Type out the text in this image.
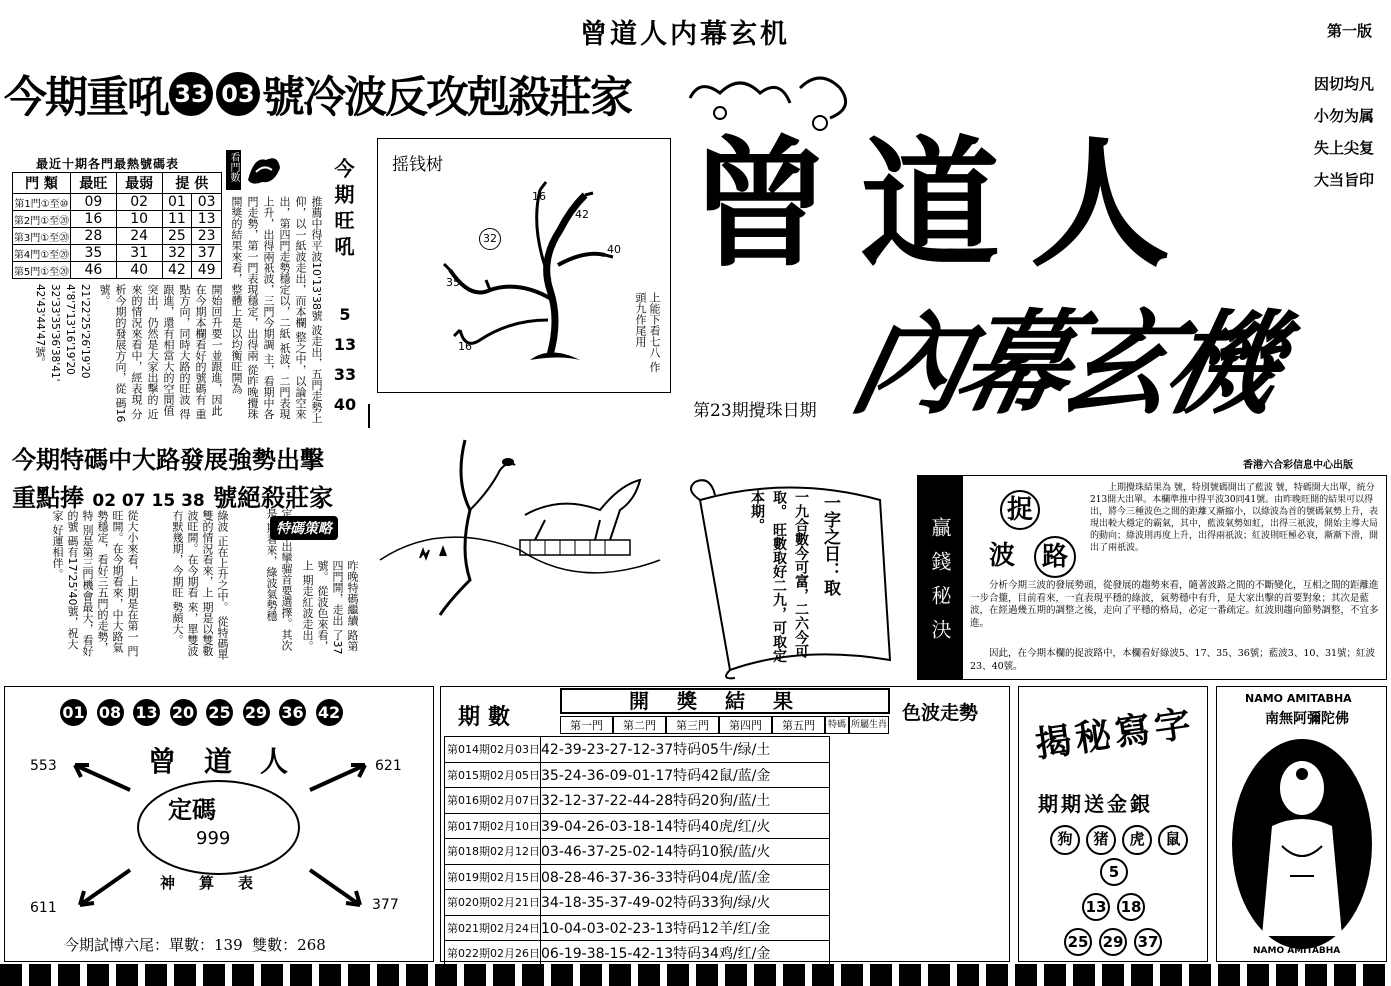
曾道人内幕玄机	第一版
今期重吼 33 03 號冷波反攻剋殺莊家	因切均凡
小勿为属
失上尖复
大当旨印
最近十期各門最熱號碼表	看門數
門 類	最旺	最弱	提 供	
第1門①至⑩	09	02	01	03
第2門①至⑳	16	10	11	13
第3門①至⑳	28	24	25	23
第4門①至⑳	35	31	32	37
第5門①至⑳	46	40	42	49
21'22'25'26'19'20 4'8'7'13'16'19'20 32'33'35'36'38'41' 42'43'44'47號。	開始回升要一並跟進，因此在今期本欄看好的號碼有 重點方向，同時大路的旺波 得跟進，還有相當大的空間值 突出，仍然是大家出擊的 近來的情況來看中，經表現 分析今期的發展方向，從 碼16號。	推薦中得平波10'13'38號 波走出，五門走勢上仰，以一紙波走出，而本欄 整之中，以論空來出，第四門走勢穩定以，二紙 祇波，二門表現上升，出得兩祇波，三門今期調 主，看期中各門走勢，第一門表現穩定，出得兩 從昨晚攪珠開獎的結果來看，整體上是以均衡旺開為	今期旺吼
5
13
33
40
摇钱树
16
42
32
40
35
16	上能下看七八 作頭九作尾用
第23期攪珠日期
曾道人
內幕玄機
香港六合彩信息中心出版
今期特碼中大路發展強勢出擊
重點捧 02 07 15 38 號絕殺莊家
特碼策略
昨晚特碼繼續 路第四門開，走出 了37號。 從波色來看，上 期走紅波走出。
定，系出攣骝首要選擇。其次是 期看來，綠波氣勢穩
綠波 正在上升之中。 從特碼單雙的情況看來，上 期是以雙數波旺開。在今期看 來，單雙波冇默幾期，今期旺 勢頗大。
從大小來看，上期是在第一 門旺開。在今期看來，中大路氣 勢穩定，看好三五門的走勢，特 別是第三門機會最大，看好的號 碼有17'25'40號，祝大家 好運相伴。	一字之日：取
一九合數今可富，二六今可取。 旺數取好二九，可取定本期。
贏錢秘決
捉
波	路
上期攪珠結果為 號，特別號碼開出了藍波 號，特碼開大出單，統分213開大出單。本欄準推中得平波30同41號。由昨晚旺開的結果可以得出，將今三種波色之間的距離又漸縮小，以綠波為首的號碼氣勢上升，表現出較大穩定的霸氣，其中，藍波氣勢如虹，出得三祇波，開始主導大局的動向；綠波則再度上升，出得兩祇波；紅波則旺極必衰，漸漸下滑，開出了兩祇波。
分析今期三波的發展勢頭，從發展的趨勢來看，隨著波路之間的不斷變化，互相之間的距離進一步合攏，目前看來，一直表現平穩的綠波，氣勢穩中有升，是大家出擊的首要對象；其次是藍波，在經過幾五期的調整之後，走向了平穩的格局，必定一番疏定。紅波則趨向節勢調整，不宜多進。
因此，在今期本欄的捉波路中，本欄看好綠波5、17、35、36號；藍波3、10、31號；紅波23、40號。
01 08 13 20 25 29 36 42
曾道人
定碼
999
神算表
553	621
611	377
今期試博六尾：單數：139  雙數：268
期數
開獎結果	色波走勢
第一門	第二門	第三門	第四門	第五門	特碼 所屬生肖
第014期02月03日	42-39-23-27-12-37特码05牛/绿/土
第015期02月05日	35-24-36-09-01-17特码42鼠/蓝/金
第016期02月07日	32-12-37-22-44-28特码20狗/蓝/土
第017期02月10日	39-04-26-03-18-14特码40虎/红/火
第018期02月12日	03-46-37-25-02-14特码10猴/蓝/火
第019期02月15日	08-28-46-37-36-33特码04虎/蓝/金
第020期02月21日	34-18-35-37-49-02特码33狗/绿/火
第021期02月24日	10-04-03-02-23-13特码12羊/红/金
第022期02月26日	06-19-38-15-42-13特码34鸡/红/金
揭秘寫字
期期送金銀
狗	猪	虎	鼠
5
13 18
25 29 37
NAMO AMITABHA
南無阿彌陀佛
NAMO AMITABHA
